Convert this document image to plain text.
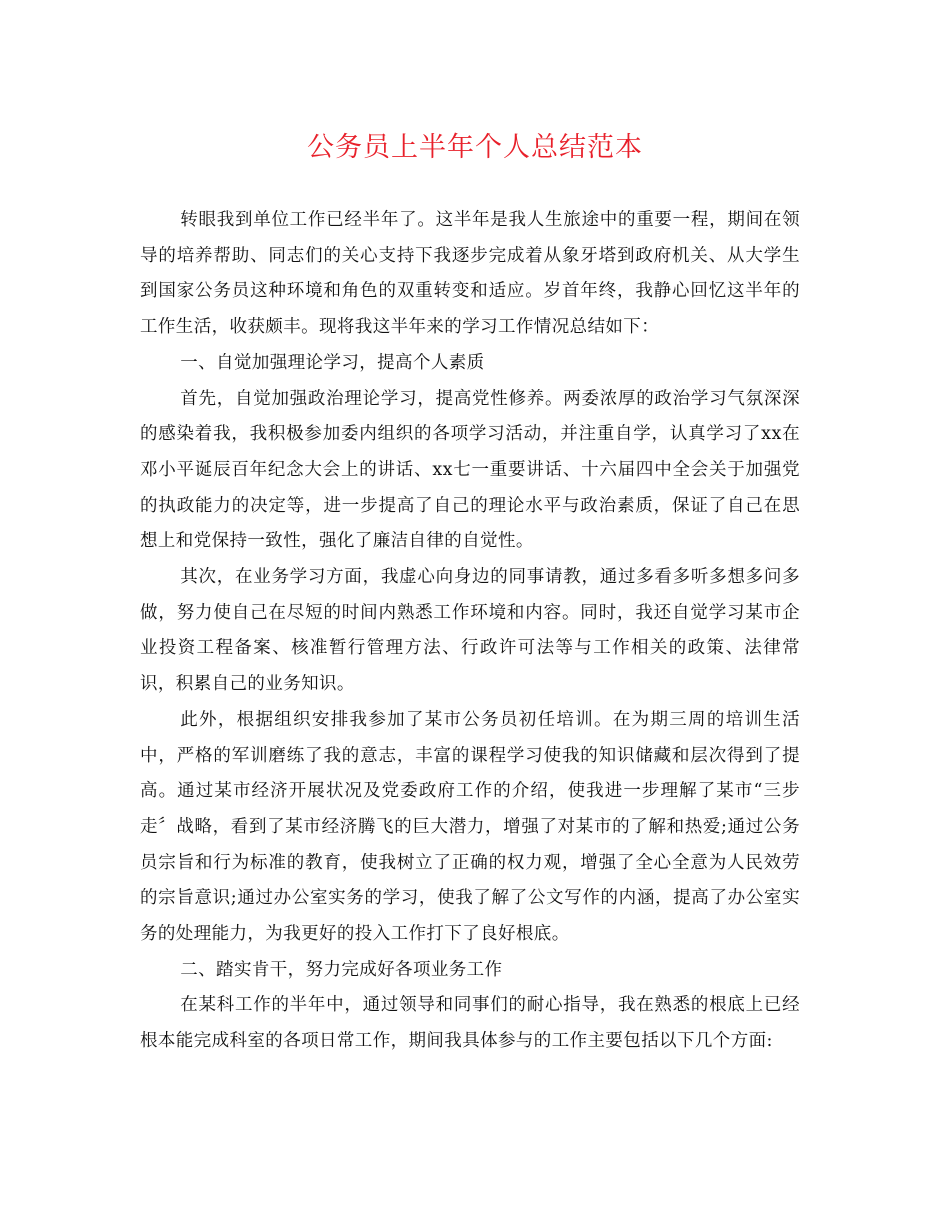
公务员上半年个人总结范本

转眼我到单位工作已经半年了。这半年是我人生旅途中的重要一程，期间在领导的培养帮助、同志们的关心支持下我逐步完成着从象牙塔到政府机关、从大学生到国家公务员这种环境和角色的双重转变和适应。岁首年终，我静心回忆这半年的工作生活，收获颇丰。现将我这半年来的学习工作情况总结如下：

一、自觉加强理论学习，提高个人素质

首先，自觉加强政治理论学习，提高党性修养。两委浓厚的政治学习气氛深深的感染着我，我积极参加委内组织的各项学习活动，并注重自学，认真学习了xx在邓小平诞辰百年纪念大会上的讲话、xx七一重要讲话、十六届四中全会关于加强党的执政能力的决定等，进一步提高了自己的理论水平与政治素质，保证了自己在思想上和党保持一致性，强化了廉洁自律的自觉性。

其次，在业务学习方面，我虚心向身边的同事请教，通过多看多听多想多问多做，努力使自己在尽短的时间内熟悉工作环境和内容。同时，我还自觉学习某市企业投资工程备案、核准暂行管理方法、行政许可法等与工作相关的政策、法律常识，积累自己的业务知识。

此外，根据组织安排我参加了某市公务员初任培训。在为期三周的培训生活中，严格的军训磨练了我的意志，丰富的课程学习使我的知识储藏和层次得到了提高。通过某市经济开展状况及党委政府工作的介绍，使我进一步理解了某市“三步走〞战略，看到了某市经济腾飞的巨大潜力，增强了对某市的了解和热爱;通过公务员宗旨和行为标准的教育，使我树立了正确的权力观，增强了全心全意为人民效劳的宗旨意识;通过办公室实务的学习，使我了解了公文写作的内涵，提高了办公室实务的处理能力，为我更好的投入工作打下了良好根底。

二、踏实肯干，努力完成好各项业务工作

在某科工作的半年中，通过领导和同事们的耐心指导，我在熟悉的根底上已经根本能完成科室的各项日常工作，期间我具体参与的工作主要包括以下几个方面:
